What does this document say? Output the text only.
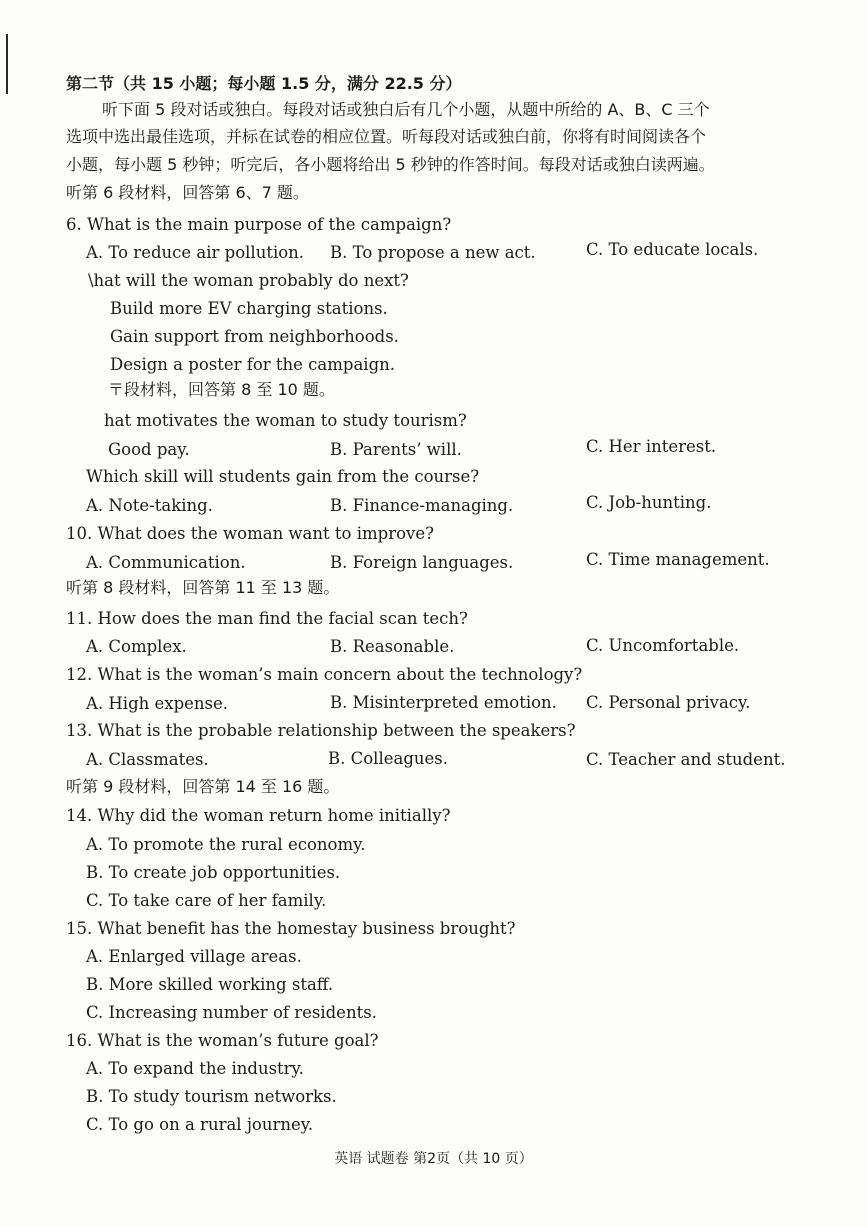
第二节（共 15 小题；每小题 1.5 分，满分 22.5 分）
听下面 5 段对话或独白。每段对话或独白后有几个小题，从题中所给的 A、B、C 三个
选项中选出最佳选项，并标在试卷的相应位置。听每段对话或独白前，你将有时间阅读各个
小题，每小题 5 秒钟；听完后，各小题将给出 5 秒钟的作答时间。每段对话或独白读两遍。
听第 6 段材料，回答第 6、7 题。
6. What is the main purpose of the campaign?
A. To reduce air pollution. B. To propose a new act.	C. To educate locals.
\hat will the woman probably do next?
Build more EV charging stations.
Gain support from neighborhoods.
Design a poster for the campaign.
〒段材料，回答第 8 至 10 题。
hat motivates the woman to study tourism?
Good pay.	B. Parents’ will.	C. Her interest.
Which skill will students gain from the course?
A. Note-taking.	B. Finance-managing.	C. Job-hunting.
10. What does the woman want to improve?
A. Communication.	B. Foreign languages.	C. Time management.
听第 8 段材料，回答第 11 至 13 题。
11. How does the man find the facial scan tech?
A. Complex.	B. Reasonable.	C. Uncomfortable.
12. What is the woman’s main concern about the technology?
A. High expense.	B. Misinterpreted emotion. C. Personal privacy.
13. What is the probable relationship between the speakers?
A. Classmates.	B. Colleagues.	C. Teacher and student.
听第 9 段材料，回答第 14 至 16 题。
14. Why did the woman return home initially?
A. To promote the rural economy.
B. To create job opportunities.
C. To take care of her family.
15. What benefit has the homestay business brought?
A. Enlarged village areas.
B. More skilled working staff.
C. Increasing number of residents.
16. What is the woman’s future goal?
A. To expand the industry.
B. To study tourism networks.
C. To go on a rural journey.
英语 试题卷 第2页（共 10 页）
